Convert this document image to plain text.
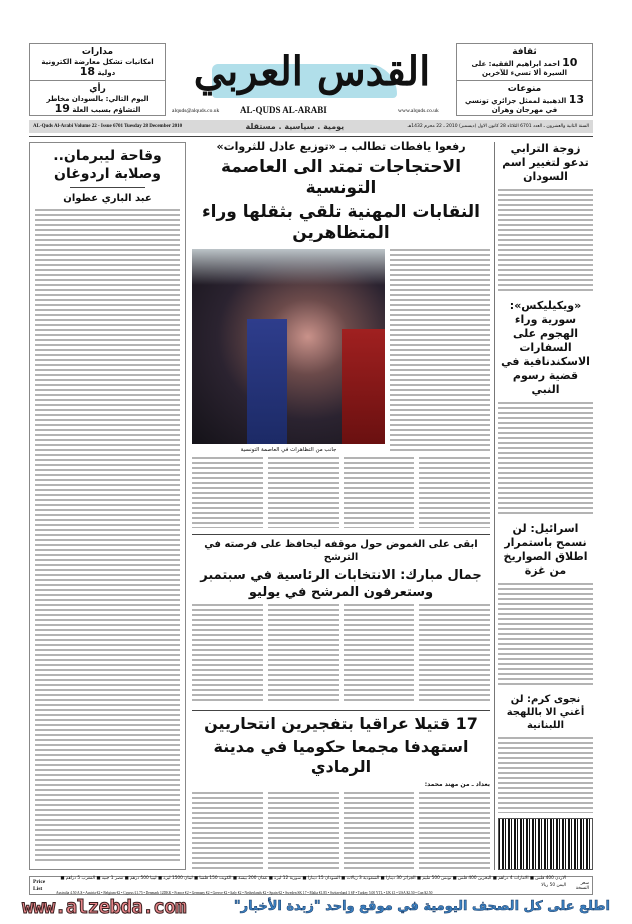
ثقافة
10 احمد ابراهيم الفقيه: على السيرة ألا تسيء للآخرين
منوعات
13 الذهبية لممثل جزائري تونسي في مهرجان وهران
مدارات
امكانيات تشكل معارضة الكترونية دولية 18
رأي
اليوم التالي: بالسودان مخاطر التشاؤم بسبب العلة 19
القدس العربي
alquds@alquds.co.uk AL-QUDS AL-ARABI	www.alquds.co.uk
AL-Quds Al-Arabi Volume 22 - Issue 6701 Tuesday 28 December 2010	يومية . سياسية . مستقلة	السنة الثانية والعشرون ـ العدد 6701 الثلاثاء 28 كانون الاول (ديسمبر) 2010 ـ 22 محرم 1432هـ
وقاحة ليبرمان.. وصلابة اردوغان
عبد الباري عطوان
رفعوا يافطات تطالب بـ «توزيع عادل للثروات»
الاحتجاجات تمتد الى العاصمة التونسية
النقابات المهنية تلقي بثقلها وراء المتظاهرين
جانب من التظاهرات في العاصمة التونسية
ابقى على الغموض حول موقفه ليحافظ على فرصته في الترشح
جمال مبارك: الانتخابات الرئاسية في سبتمبر وستعرفون المرشح في يوليو
17 قتيلا عراقيا بتفجيرين انتحاريين
استهدفا مجمعا حكوميا في مدينة الرمادي
بغداد ـ من مهند محمد:
زوجة الترابي تدعو لتغيير اسم السودان
«ويكيليكس»: سورية وراء الهجوم على السفارات الاسكندنافية في قضية رسوم النبي
اسرائيل: لن نسمح باستمرار اطلاق الصواريخ من غزة
نجوى كرم: لن أغني الا باللهجة اللبنانية
Price List
الاردن 400 فلس ■ الامارات 4 دراهم ■ البحرين 400 فلس ■ تونس 500 مليم ■ الجزائر 30 دينارا ■ السعودية 3 ريالات ■ السودان 15 دينارا ■ سورية 12 ليرة ■ عمان 200 بيسة ■ الكويت 150 فلسا ■ لبنان 1500 ليرة ■ ليبيا 500 درهم ■ مصر 1 جنيه ■ المغرب 5 دراهم ■ اليمن 50 ريالا
Australia 4.50 A.$ • Austria €2 • Belgium €2 • Cyprus £1.75 • Denmark 12DKK • France €2 • Germany €2 • Greece €2 • Italy €2 • Netherlands €2 • Spain €2 • Sweden SK 17 • Malta €1.85 • Switzerland 3 SF • Turkey 5.00 YTL • UK £1 • USA $2.50 • Can $2.50
سعر النسخة
www.alzebda.com	اطلع على كل الصحف اليومية في موقع واحد "زبدة الأخبار"
